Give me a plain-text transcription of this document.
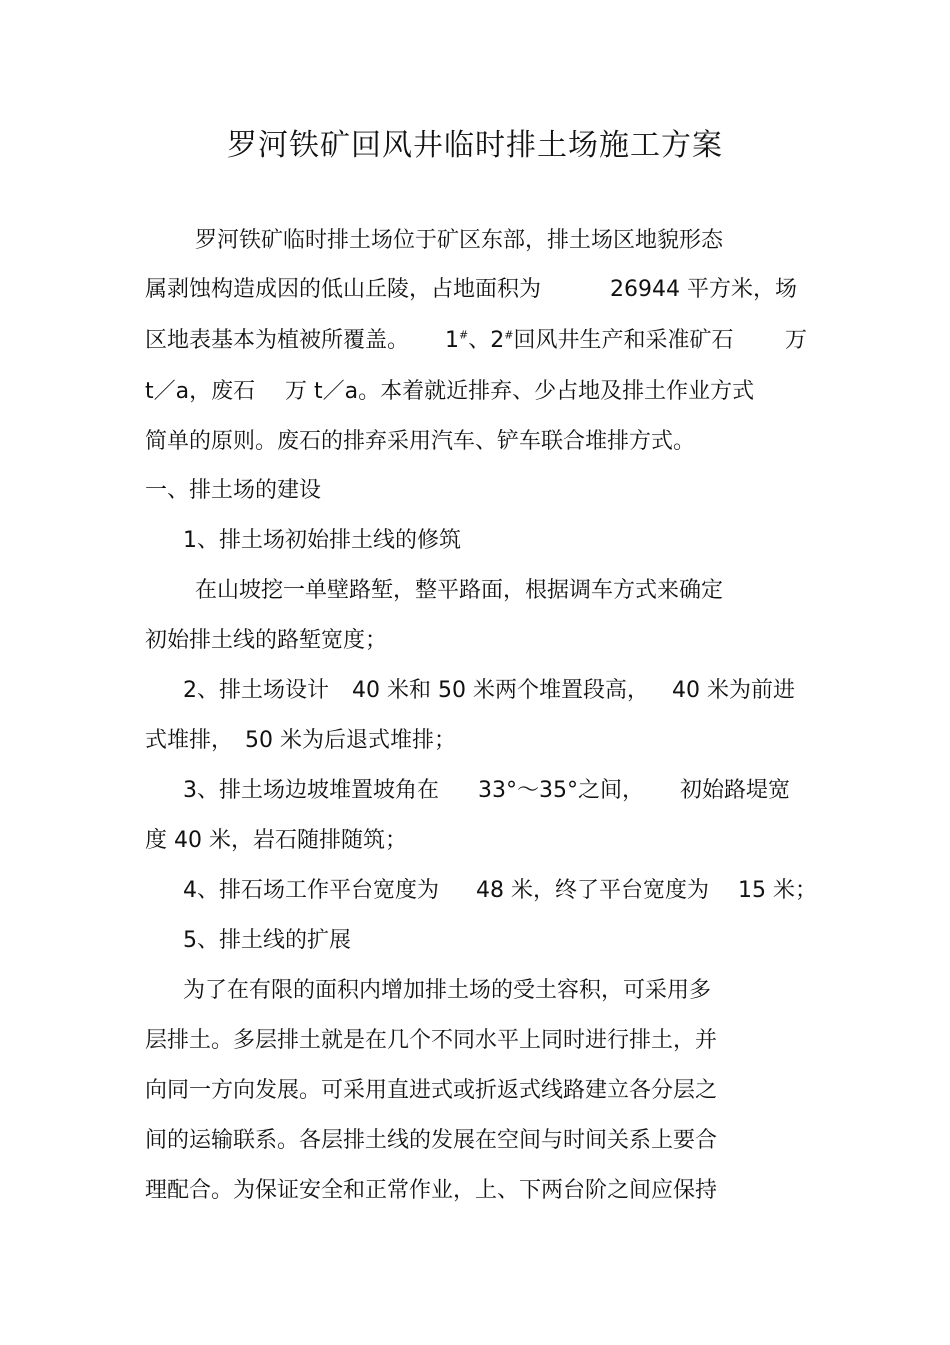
罗河铁矿回风井临时排土场施工方案

罗河铁矿临时排土场位于矿区东部，排土场区地貌形态

属剥蚀构造成因的低山丘陵，占地面积为	26944 平方米，场

区地表基本为植被所覆盖。 1#、2#回风井生产和采准矿石 万

t／a，废石 万 t／a。本着就近排弃、少占地及排土作业方式

简单的原则。废石的排弃采用汽车、铲车联合堆排方式。

一、排土场的建设

1、排土场初始排土线的修筑

在山坡挖一单壁路堑，整平路面，根据调车方式来确定

初始排土线的路堑宽度；

2、排土场设计 40 米和 50 米两个堆置段高， 40 米为前进

式堆排， 50 米为后退式堆排；

3、排土场边坡堆置坡角在 33°～35°之间， 初始路堤宽

度 40 米，岩石随排随筑；

4、排石场工作平台宽度为 48 米，终了平台宽度为 15 米；

5、排土线的扩展

为了在有限的面积内增加排土场的受土容积，可采用多

层排土。多层排土就是在几个不同水平上同时进行排土，并

向同一方向发展。可采用直进式或折返式线路建立各分层之

间的运输联系。各层排土线的发展在空间与时间关系上要合

理配合。为保证安全和正常作业，上、下两台阶之间应保持
